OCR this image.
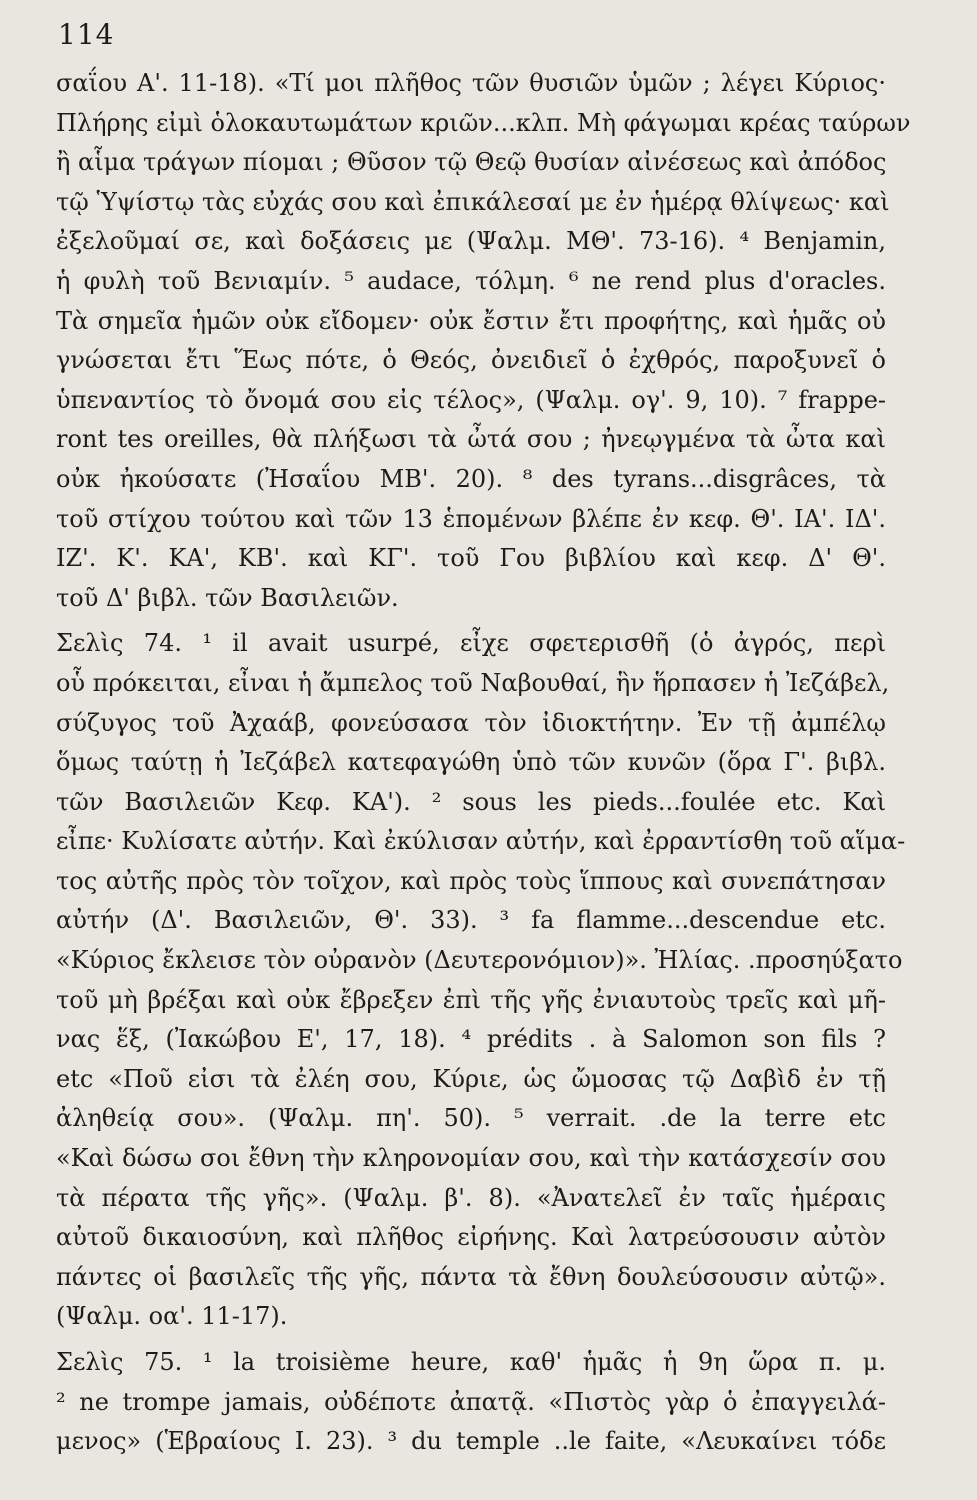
114
σαΐου Α'. 11-18). «Τί μοι πλῆθος τῶν θυσιῶν ὑμῶν ; λέγει Κύριος·
Πλήρης εἰμὶ ὁλοκαυτωμάτων κριῶν...κλπ. Μὴ φάγωμαι κρέας ταύρων
ἢ αἷμα τράγων πίομαι ; Θῦσον τῷ Θεῷ θυσίαν αἰνέσεως καὶ ἀπόδος
τῷ Ὑψίστῳ τὰς εὐχάς σου καὶ ἐπικάλεσαί με ἐν ἡμέρᾳ θλίψεως· καὶ
ἐξελοῦμαί σε, καὶ δοξάσεις με (Ψαλμ. ΜΘ'. 73-16). ⁴ Benjamin,
ἡ φυλὴ τοῦ Βενιαμίν. ⁵ audace, τόλμη. ⁶ ne rend plus d'oracles.
Τὰ σημεῖα ἡμῶν οὐκ εἴδομεν· οὐκ ἔστιν ἔτι προφήτης, καὶ ἡμᾶς οὐ
γνώσεται ἔτι Ἕως πότε, ὁ Θεός, ὀνειδιεῖ ὁ ἐχθρός, παροξυνεῖ ὁ
ὑπεναντίος τὸ ὄνομά σου εἰς τέλος», (Ψαλμ. ογ'. 9, 10). ⁷ frappe-
ront tes oreilles, θὰ πλήξωσι τὰ ὦτά σου ; ἠνεῳγμένα τὰ ὦτα καὶ
οὐκ ἠκούσατε (Ἠσαΐου ΜΒ'. 20). ⁸ des tyrans...disgrâces, τὰ
τοῦ στίχου τούτου καὶ τῶν 13 ἑπομένων βλέπε ἐν κεφ. Θ'. ΙΑ'. ΙΔ'.
ΙΖ'. Κ'. ΚΑ', ΚΒ'. καὶ ΚΓ'. τοῦ Γου βιβλίου καὶ κεφ. Δ' Θ'.
τοῦ Δ' βιβλ. τῶν Βασιλειῶν.
Σελὶς 74. ¹ il avait usurpé, εἶχε σφετερισθῆ (ὁ ἀγρός, περὶ
οὗ πρόκειται, εἶναι ἡ ἄμπελος τοῦ Ναβουθαί, ἣν ἥρπασεν ἡ Ἰεζάβελ,
σύζυγος τοῦ Ἀχαάβ, φονεύσασα τὸν ἰδιοκτήτην. Ἐν τῇ ἀμπέλῳ
ὅμως ταύτῃ ἡ Ἰεζάβελ κατεφαγώθη ὑπὸ τῶν κυνῶν (ὅρα Γ'. βιβλ.
τῶν Βασιλειῶν Κεφ. ΚΑ'). ² sous les pieds...foulée etc. Καὶ
εἶπε· Κυλίσατε αὐτήν. Καὶ ἐκύλισαν αὐτήν, καὶ ἐρραντίσθη τοῦ αἵμα-
τος αὐτῆς πρὸς τὸν τοῖχον, καὶ πρὸς τοὺς ἵππους καὶ συνεπάτησαν
αὐτήν (Δ'. Βασιλειῶν, Θ'. 33). ³ fa flamme...descendue etc.
«Κύριος ἔκλεισε τὸν οὐρανὸν (Δευτερονόμιον)». Ἠλίας. .προσηύξατο
τοῦ μὴ βρέξαι καὶ οὐκ ἔβρεξεν ἐπὶ τῆς γῆς ἐνιαυτοὺς τρεῖς καὶ μῆ-
νας ἕξ, (Ἰακώβου Ε', 17, 18). ⁴ prédits . à Salomon son fils ?
etc «Ποῦ εἰσι τὰ ἐλέη σου, Κύριε, ὡς ὤμοσας τῷ Δαβὶδ ἐν τῇ
ἀληθείᾳ σου». (Ψαλμ. πη'. 50). ⁵ verrait. .de la terre etc
«Καὶ δώσω σοι ἔθνη τὴν κληρονομίαν σου, καὶ τὴν κατάσχεσίν σου
τὰ πέρατα τῆς γῆς». (Ψαλμ. β'. 8). «Ἀνατελεῖ ἐν ταῖς ἡμέραις
αὐτοῦ δικαιοσύνη, καὶ πλῆθος εἰρήνης. Καὶ λατρεύσουσιν αὐτὸν
πάντες οἱ βασιλεῖς τῆς γῆς, πάντα τὰ ἔθνη δουλεύσουσιν αὐτῷ».
(Ψαλμ. οα'. 11-17).
Σελὶς 75. ¹ la troisième heure, καθ' ἡμᾶς ἡ 9η ὥρα π. μ.
² ne trompe jamais, οὐδέποτε ἀπατᾷ. «Πιστὸς γὰρ ὁ ἐπαγγειλά-
μενος» (Ἑβραίους Ι. 23). ³ du temple ..le faite, «Λευκαίνει τόδε
